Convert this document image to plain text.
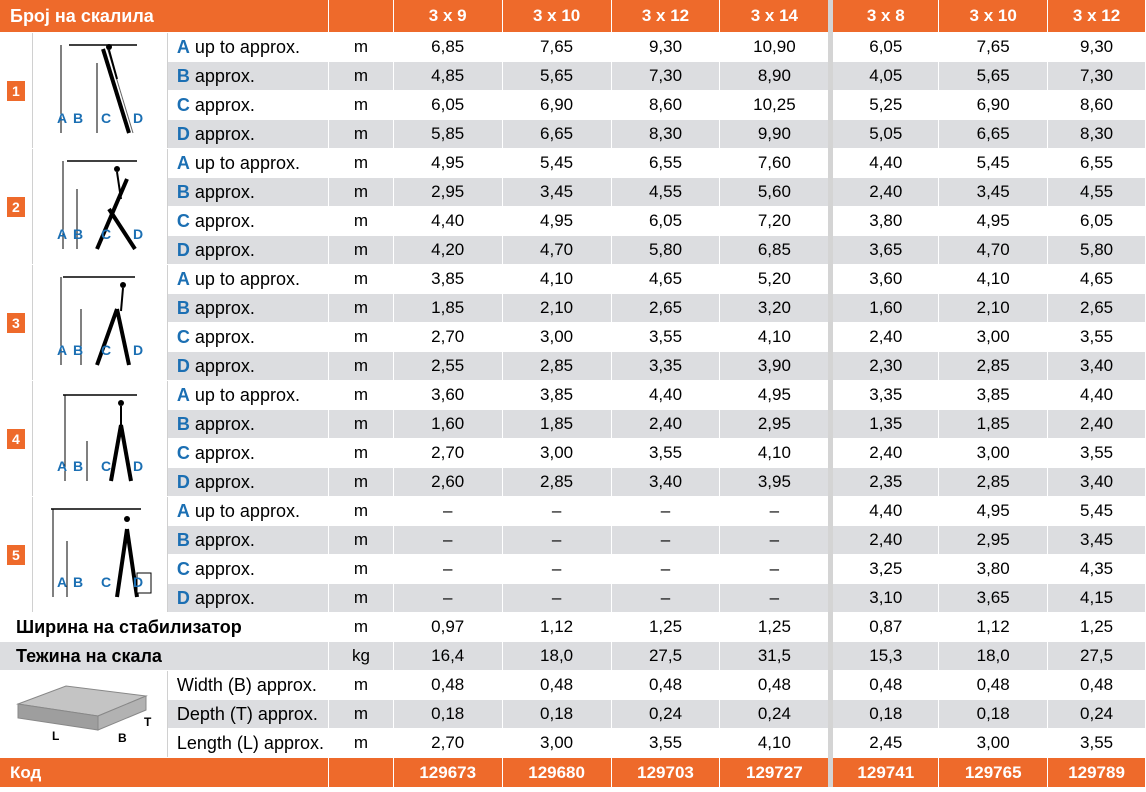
Број на скалила				3 x 9	3 x 10	3 x 12	3 x 14	3 x 8	3 x 10	3 x 12
1	A B C D	A up to approx.	m	6,85	7,65	9,30	10,90	6,05	7,65	9,30
		B approx.	m	4,85	5,65	7,30	8,90	4,05	5,65	7,30
		C approx.	m	6,05	6,90	8,60	10,25	5,25	6,90	8,60
		D approx.	m	5,85	6,65	8,30	9,90	5,05	6,65	8,30
2	A B C D	A up to approx.	m	4,95	5,45	6,55	7,60	4,40	5,45	6,55
		B approx.	m	2,95	3,45	4,55	5,60	2,40	3,45	4,55
		C approx.	m	4,40	4,95	6,05	7,20	3,80	4,95	6,05
		D approx.	m	4,20	4,70	5,80	6,85	3,65	4,70	5,80
3	A B C D	A up to approx.	m	3,85	4,10	4,65	5,20	3,60	4,10	4,65
		B approx.	m	1,85	2,10	2,65	3,20	1,60	2,10	2,65
		C approx.	m	2,70	3,00	3,55	4,10	2,40	3,00	3,55
		D approx.	m	2,55	2,85	3,35	3,90	2,30	2,85	3,40
4	A B C D	A up to approx.	m	3,60	3,85	4,40	4,95	3,35	3,85	4,40
		B approx.	m	1,60	1,85	2,40	2,95	1,35	1,85	2,40
		C approx.	m	2,70	3,00	3,55	4,10	2,40	3,00	3,55
		D approx.	m	2,60	2,85	3,40	3,95	2,35	2,85	3,40
5	A B C D	A up to approx.	m	–	–	–	–	4,40	4,95	5,45
		B approx.	m	–	–	–	–	2,40	2,95	3,45
		C approx.	m	–	–	–	–	3,25	3,80	4,35
		D approx.	m	–	–	–	–	3,10	3,65	4,15
Ширина на стабилизатор			m	0,97	1,12	1,25	1,25	0,87	1,12	1,25
Тежина на скала			kg	16,4	18,0	27,5	31,5	15,3	18,0	27,5

T
L B		Width (B) approx.	m	0,48	0,48	0,48	0,48	0,48	0,48	0,48
		Depth (T) approx.	m	0,18	0,18	0,24	0,24	0,18	0,18	0,24
		Length (L) approx.	m	2,70	3,00	3,55	4,10	2,45	3,00	3,55
Код				129673	129680	129703	129727	129741	129765	129789
